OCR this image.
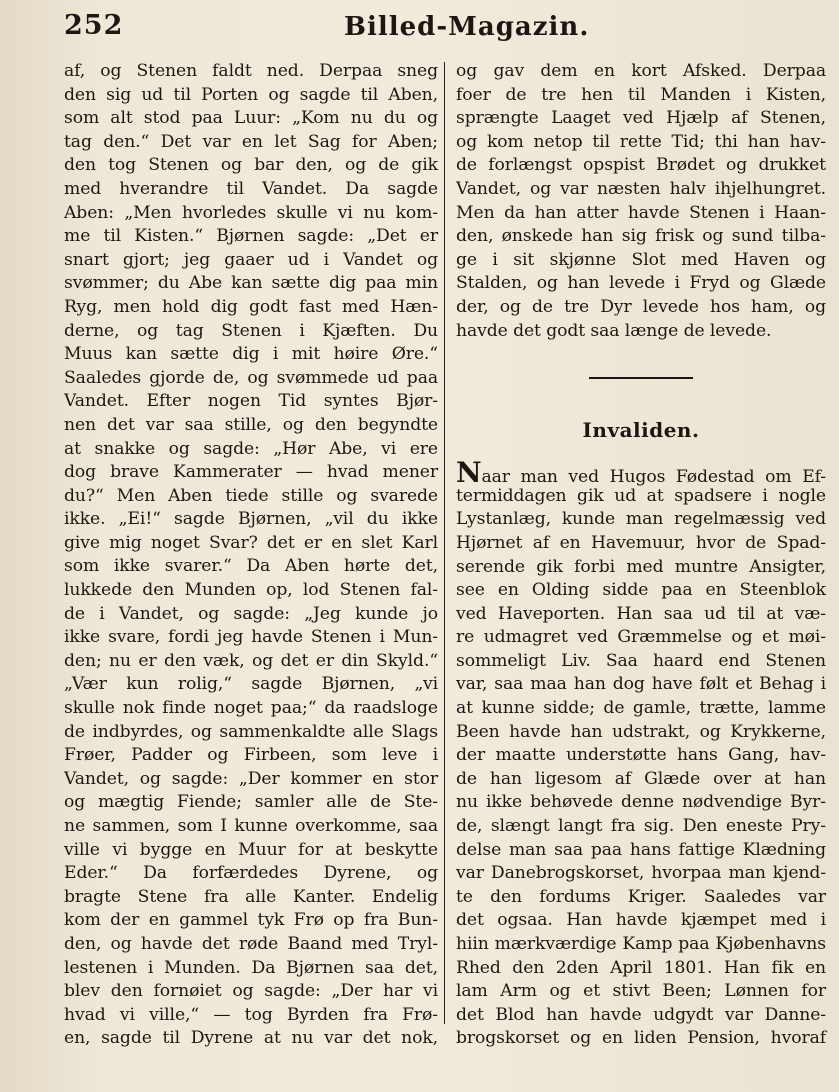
252	Billed-Magazin.
af, og Stenen faldt ned. Derpaa sneg
den sig ud til Porten og sagde til Aben,
som alt stod paa Luur: „Kom nu du og
tag den.“ Det var en let Sag for Aben;
den tog Stenen og bar den, og de gik
med hverandre til Vandet. Da sagde
Aben: „Men hvorledes skulle vi nu kom-
me til Kisten.“ Bjørnen sagde: „Det er
snart gjort; jeg gaaer ud i Vandet og
svømmer; du Abe kan sætte dig paa min
Ryg, men hold dig godt fast med Hæn-
derne, og tag Stenen i Kjæften. Du
Muus kan sætte dig i mit høire Øre.“
Saaledes gjorde de, og svømmede ud paa
Vandet. Efter nogen Tid syntes Bjør-
nen det var saa stille, og den begyndte
at snakke og sagde: „Hør Abe, vi ere
dog brave Kammerater — hvad mener
du?“ Men Aben tiede stille og svarede
ikke. „Ei!“ sagde Bjørnen, „vil du ikke
give mig noget Svar? det er en slet Karl
som ikke svarer.“ Da Aben hørte det,
lukkede den Munden op, lod Stenen fal-
de i Vandet, og sagde: „Jeg kunde jo
ikke svare, fordi jeg havde Stenen i Mun-
den; nu er den væk, og det er din Skyld.“
„Vær kun rolig,“ sagde Bjørnen, „vi
skulle nok finde noget paa;“ da raadsloge
de indbyrdes, og sammenkaldte alle Slags
Frøer, Padder og Firbeen, som leve i
Vandet, og sagde: „Der kommer en stor
og mægtig Fiende; samler alle de Ste-
ne sammen, som I kunne overkomme, saa
ville vi bygge en Muur for at beskytte
Eder.“ Da forfærdedes Dyrene, og
bragte Stene fra alle Kanter. Endelig
kom der en gammel tyk Frø op fra Bun-
den, og havde det røde Baand med Tryl-
lestenen i Munden. Da Bjørnen saa det,
blev den fornøiet og sagde: „Der har vi
hvad vi ville,“ — tog Byrden fra Frø-
en, sagde til Dyrene at nu var det nok,
og gav dem en kort Afsked. Derpaa
foer de tre hen til Manden i Kisten,
sprængte Laaget ved Hjælp af Stenen,
og kom netop til rette Tid; thi han hav-
de forlængst opspist Brødet og drukket
Vandet, og var næsten halv ihjelhungret.
Men da han atter havde Stenen i Haan-
den, ønskede han sig frisk og sund tilba-
ge i sit skjønne Slot med Haven og
Stalden, og han levede i Fryd og Glæde
der, og de tre Dyr levede hos ham, og
havde det godt saa længe de levede.
Invaliden.
Naar man ved Hugos Fødestad om Ef-
termiddagen gik ud at spadsere i nogle
Lystanlæg, kunde man regelmæssig ved
Hjørnet af en Havemuur, hvor de Spad-
serende gik forbi med muntre Ansigter,
see en Olding sidde paa en Steenblok
ved Haveporten. Han saa ud til at væ-
re udmagret ved Græmmelse og et møi-
sommeligt Liv. Saa haard end Stenen
var, saa maa han dog have følt et Behag i
at kunne sidde; de gamle, trætte, lamme
Been havde han udstrakt, og Krykkerne,
der maatte understøtte hans Gang, hav-
de han ligesom af Glæde over at han
nu ikke behøvede denne nødvendige Byr-
de, slængt langt fra sig. Den eneste Pry-
delse man saa paa hans fattige Klædning
var Danebrogskorset, hvorpaa man kjend-
te den fordums Kriger. Saaledes var
det ogsaa. Han havde kjæmpet med i
hiin mærkværdige Kamp paa Kjøbenhavns
Rhed den 2den April 1801. Han fik en
lam Arm og et stivt Been; Lønnen for
det Blod han havde udgydt var Danne-
brogskorset og en liden Pension, hvoraf
